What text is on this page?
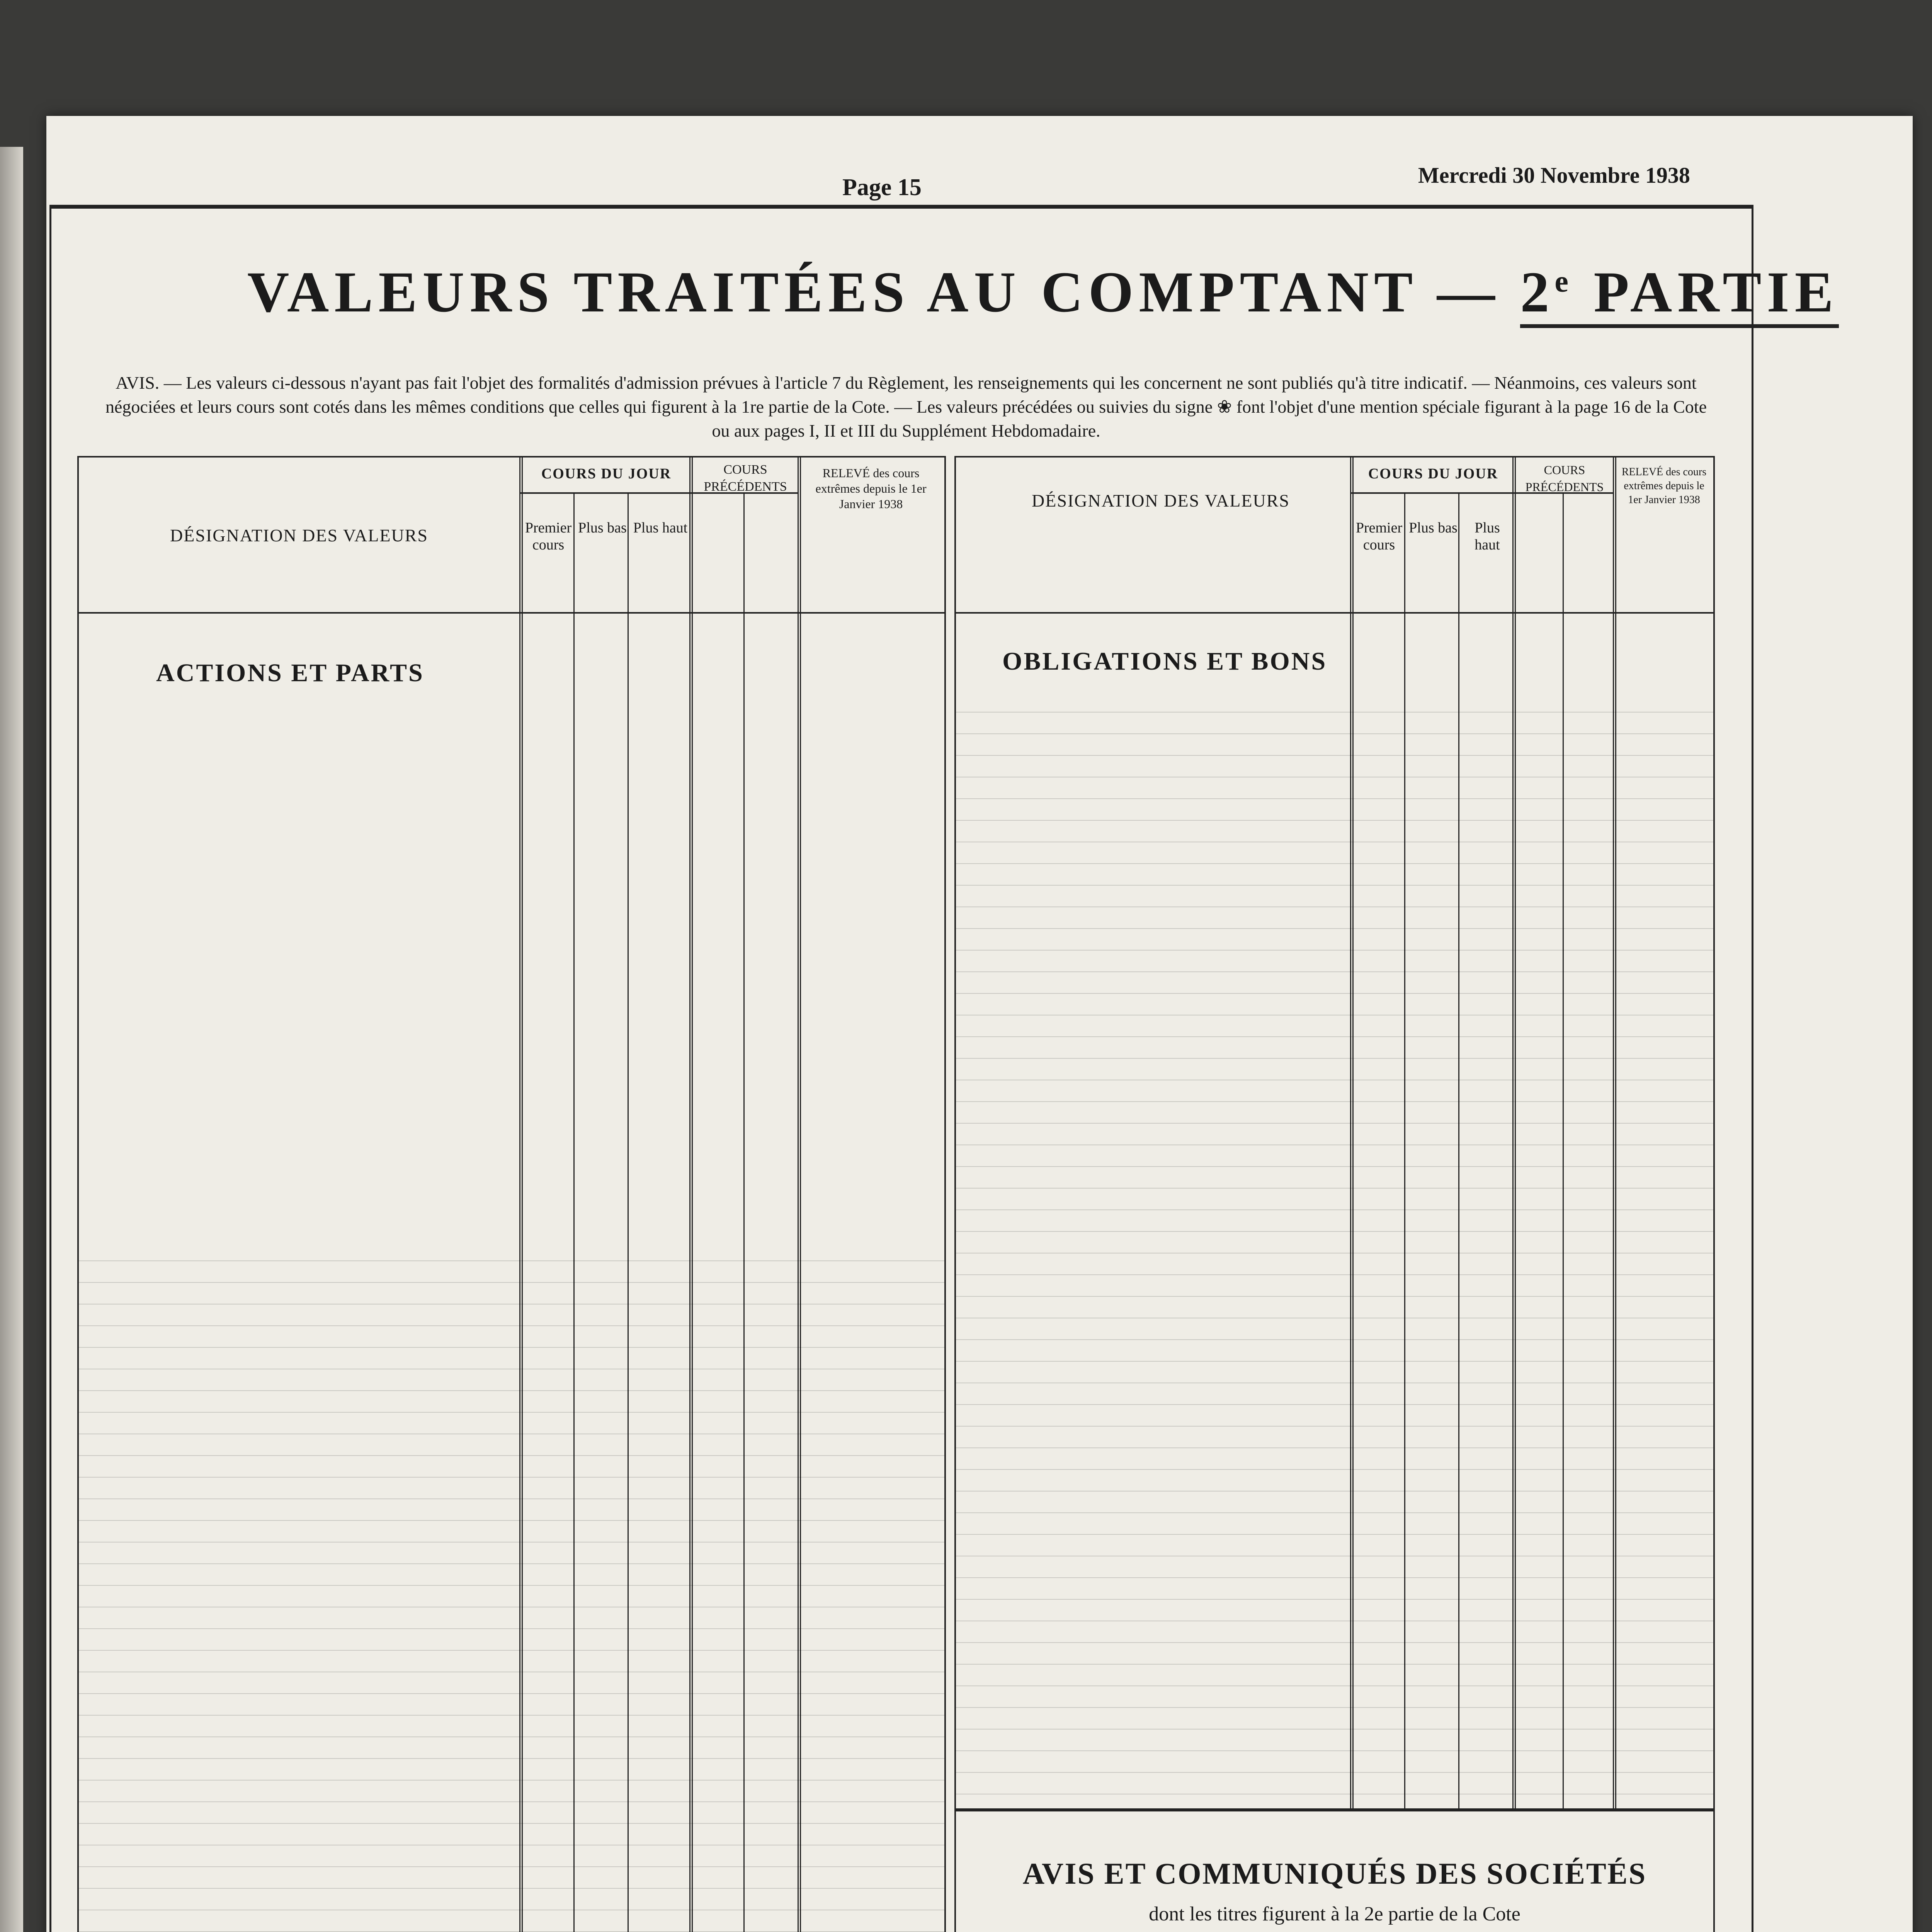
Page 15	Mercredi 30 Novembre 1938
VALEURS TRAITÉES AU COMPTANT — 2e PARTIE
AVIS. — Les valeurs ci-dessous n'ayant pas fait l'objet des formalités d'admission prévues à l'article 7 du Règlement, les renseignements qui les concernent ne sont publiés qu'à titre indicatif. — Néanmoins, ces valeurs sont négociées et leurs cours sont cotés dans les mêmes conditions que celles qui figurent à la 1re partie de la Cote. — Les valeurs précédées ou suivies du signe ❀ font l'objet d'une mention spéciale figurant à la page 16 de la Cote ou aux pages I, II et III du Supplément Hebdomadaire.
DÉSIGNATION DES VALEURS
COURS DU JOUR
Premier cours
Plus bas Plus haut
COURS PRÉCÉDENTS
RELEVÉ des cours extrêmes depuis le 1er Janvier 1938
ACTIONS ET PARTS
DÉSIGNATION DES VALEURS
COURS DU JOUR
Premier cours
Plus bas	Plus haut
COURS PRÉCÉDENTS
RELEVÉ des cours extrêmes depuis le 1er Janvier 1938
OBLIGATIONS ET BONS
AVIS ET COMMUNIQUÉS DES SOCIÉTÉS
dont les titres figurent à la 2e partie de la Cote
